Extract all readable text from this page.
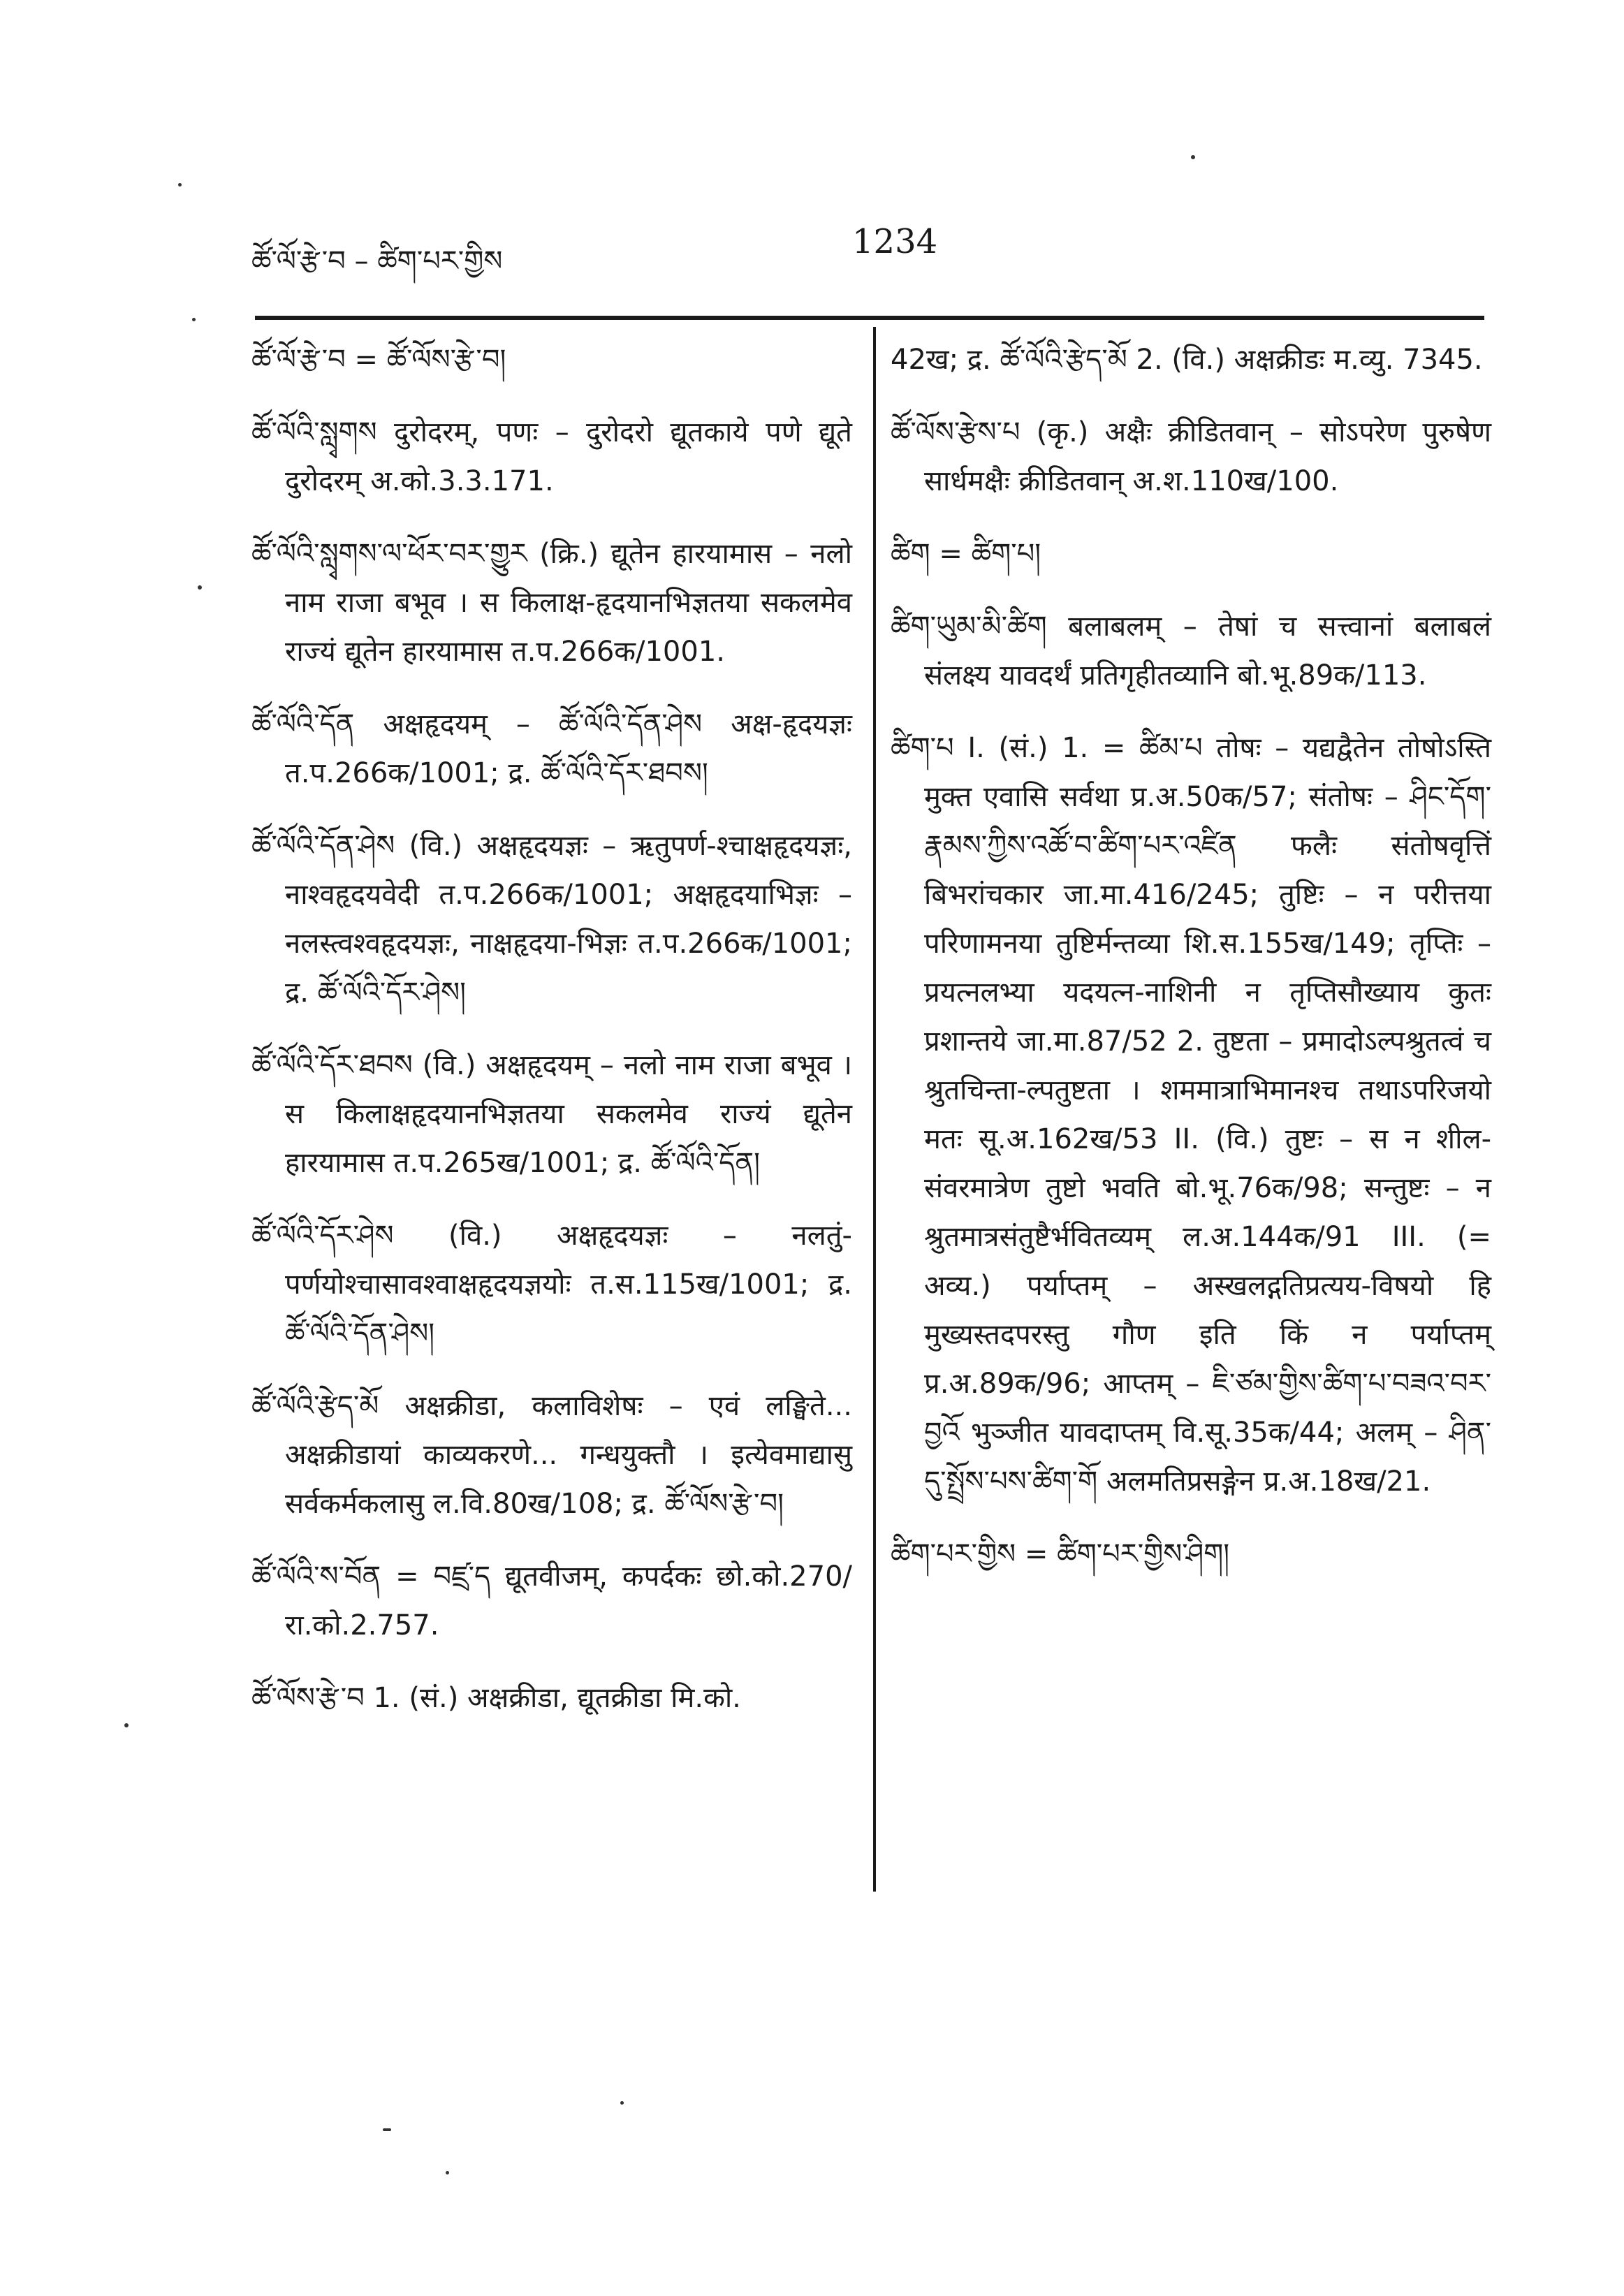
ཚོ་ལོ་རྩེ་བ – ཚིག་པར་གྱིས	1234
ཚོ་ལོ་རྩེ་བ = ཚོ་ལོས་རྩེ་བ།
ཚོ་ལོའི་སླྭགས दुरोदरम्, पणः – दुरोदरो द्यूतकाये पणे द्यूते दुरोदरम् अ.को.3.3.171.
ཚོ་ལོའི་སླྭགས་ལ་ཕོར་བར་གྱུར (क्रि.) द्यूतेन हारयामास – नलो नाम राजा बभूव । स किलाक्ष-हृदयानभिज्ञतया सकलमेव राज्यं द्यूतेन हारयामास त.प.266क/1001.
ཚོ་ལོའི་དོན अक्षहृदयम् – ཚོ་ལོའི་དོན་ཤེས अक्ष-हृदयज्ञः त.प.266क/1001; द्र. ཚོ་ལོའི་དོར་ཐབས།
ཚོ་ལོའི་དོན་ཤེས (वि.) अक्षहृदयज्ञः – ऋतुपर्ण-श्चाक्षहृदयज्ञः, नाश्वहृदयवेदी त.प.266क/1001; अक्षहृदयाभिज्ञः – नलस्त्वश्वहृदयज्ञः, नाक्षहृदया-भिज्ञः त.प.266क/1001; द्र. ཚོ་ལོའི་དོར་ཤེས།
ཚོ་ལོའི་དོར་ཐབས (वि.) अक्षहृदयम् – नलो नाम राजा बभूव । स किलाक्षहृदयानभिज्ञतया सकलमेव राज्यं द्यूतेन हारयामास त.प.265ख/1001; द्र. ཚོ་ལོའི་དོན།
ཚོ་ལོའི་དོར་ཤེས (वि.) अक्षहृदयज्ञः – नलतुं-पर्णयोश्चासावश्वाक्षहृदयज्ञयोः त.स.115ख/1001; द्र. ཚོ་ལོའི་དོན་ཤེས།
ཚོ་ལོའི་རྩེད་མོ अक्षक्रीडा, कलाविशेषः – एवं लङ्घिते... अक्षक्रीडायां काव्यकरणे... गन्धयुक्तौ । इत्येवमाद्यासु सर्वकर्मकलासु ल.वि.80ख/108; द्र. ཚོ་ལོས་རྩེ་བ།
ཚོ་ལོའི་ས་བོན = བཛྲ་ད द्यूतवीजम्, कपर्दकः छो.को.270/रा.को.2.757.
ཚོ་ལོས་རྩེ་བ 1. (सं.) अक्षक्रीडा, द्यूतक्रीडा मि.को.
42ख; द्र. ཚོ་ལོའི་རྩེད་མོ 2. (वि.) अक्षक्रीडः म.व्यु. 7345.
ཚོ་ལོས་རྩེས་པ (कृ.) अक्षैः क्रीडितवान् – सोऽपरेण पुरुषेण सार्धमक्षैः क्रीडितवान् अ.श.110ख/100.
ཚིག = ཚིག་པ།
ཚིག་ཡུམ་མི་ཚིག बलाबलम् – तेषां च सत्त्वानां बलाबलं संलक्ष्य यावदर्थं प्रतिगृहीतव्यानि बो.भू.89क/113.
ཚིག་པ I. (सं.) 1. = ཚིམ་པ तोषः – यद्यद्वैतेन तोषोऽस्ति मुक्त एवासि सर्वथा प्र.अ.50क/57; संतोषः – ཤིང་དོག་རྣམས་ཀྱིས་འཚོ་བ་ཚིག་པར་འཛིན फलैः संतोषवृत्तिं बिभरांचकार जा.मा.416/245; तुष्टिः – न परीत्तया परिणामनया तुष्टिर्मन्तव्या शि.स.155ख/149; तृप्तिः – प्रयत्नलभ्या यदयत्न-नाशिनी न तृप्तिसौख्याय कुतः प्रशान्तये जा.मा.87/52 2. तुष्टता – प्रमादोऽल्पश्रुतत्वं च श्रुतचिन्ता-ल्पतुष्टता । शममात्राभिमानश्च तथाऽपरिजयो मतः सू.अ.162ख/53 II. (वि.) तुष्टः – स न शील-संवरमात्रेण तुष्टो भवति बो.भू.76क/98; सन्तुष्टः – न श्रुतमात्रसंतुष्टैर्भवितव्यम् ल.अ.144क/91 III. (= अव्य.) पर्याप्तम् – अस्खलद्गतिप्रत्यय-विषयो हि मुख्यस्तदपरस्तु गौण इति किं न पर्याप्तम् प्र.अ.89क/96; आप्तम् – ཇི་ཙམ་གྱིས་ཚིག་པ་བཟའ་བར་བྱའོ भुञ्जीत यावदाप्तम् वि.सू.35क/44; अलम् – ཤིན་དུ་སྤྲོས་པས་ཚིག་གོ अलमतिप्रसङ्गेन प्र.अ.18ख/21.
ཚིག་པར་གྱིས = ཚིག་པར་གྱིས་ཤིག།
